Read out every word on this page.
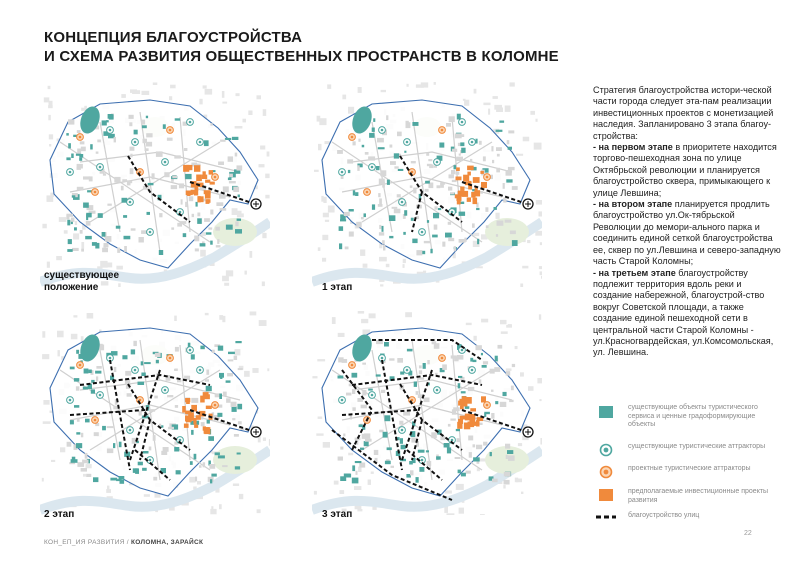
КОНЦЕПЦИЯ БЛАГОУСТРОЙСТВА
И СХЕМА РАЗВИТИЯ ОБЩЕСТВЕННЫХ ПРОСТРАНСТВ В КОЛОМНЕ
существующее
положение	1 этап
2 этап	3 этап

Стратегия благоустройства истори-ческой части города следует эта-пам реализации инвестиционных проектов с монетизацией наследия. Запланировано 3 этапа благоу-стройства:

- на первом этапе в приоритете находится торгово-пешеходная зона по улице Октябрьской революции и планируется благоустройство сквера, примыкающего к улице Левшина;

- на втором этапе планируется продлить благоустройство ул.Ок-тябрьской Революции до мемори-ального парка и соединить единой сеткой благоустройства ее, сквер по ул.Левшина и северо-западную часть Старой Коломны;

- на третьем этапе благоустройству подлежит территория вдоль реки и создание набережной, благоустрой-ство вокруг Советской площади, а также создание единой пешеходной сети в центральной части Старой Коломны - ул.Красногвардейская, ул.Комсомольская, ул. Левшина.

существующие объекты туристического сервиса и ценные градоформирующие объекты
существующие туристические аттракторы
проектные туристические аттракторы
предполагаемые инвестиционные проекты развития
благоустройство улиц
КОН_ЕП_ИЯ РАЗВИТИЯ / КОЛОМНА, ЗАРАЙСК
22
